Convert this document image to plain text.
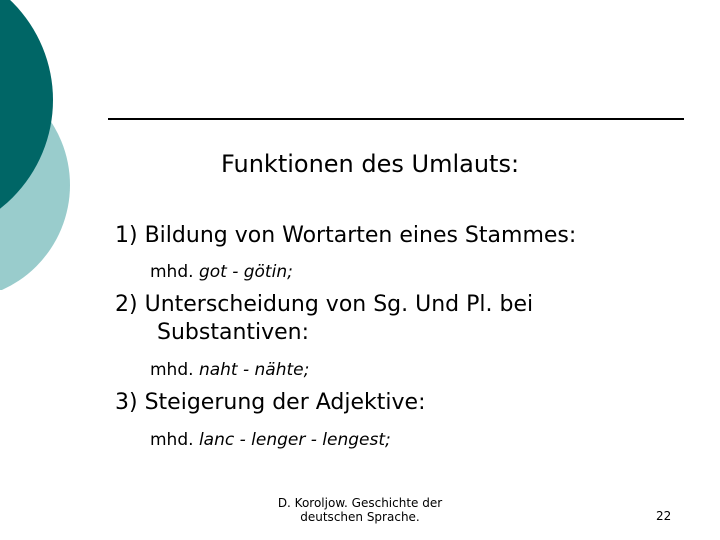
Funktionen des Umlauts:
1) Bildung von Wortarten eines Stammes:
mhd. got - götin;
2) Unterscheidung von Sg. Und Pl. bei
Substantiven:
mhd. naht - nähte;
3) Steigerung der Adjektive:
mhd. lanc - lenger - lengest;
D. Koroljow. Geschichte der
deutschen Sprache.	22
